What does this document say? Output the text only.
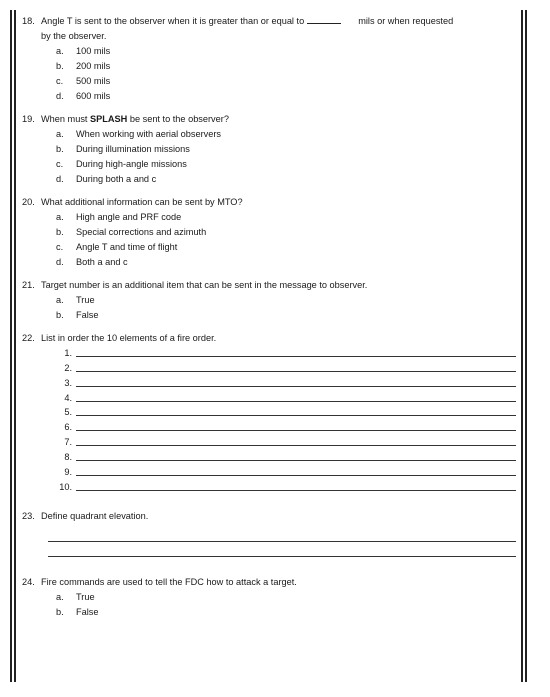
18. Angle T is sent to the observer when it is greater than or equal to	mils or when requested
by the observer.
a.	100 mils
b.	200 mils
c.	500 mils
d.	600 mils
19. When must SPLASH be sent to the observer?
a.	When working with aerial observers
b.	During illumination missions
c.	During high-angle missions
d.	During both a and c
20. What additional information can be sent by MTO?
a.	High angle and PRF code
b.	Special corrections and azimuth
c.	Angle T and time of flight
d.	Both a and c
21. Target number is an additional item that can be sent in the message to observer.
a.	True
b.	False
22. List in order the 10 elements of a fire order.
1.
2.
3.
4.
5.
6.
7.
8.
9.
10.
23. Define quadrant elevation.
24. Fire commands are used to tell the FDC how to attack a target.
a.	True
b.	False
